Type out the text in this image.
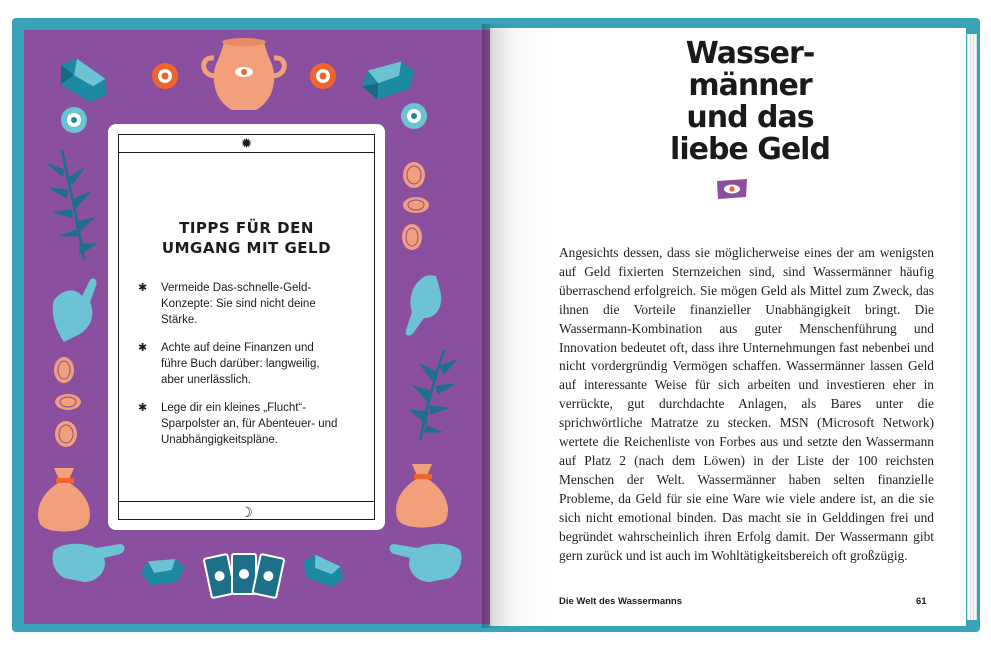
✹
TIPPS FÜR DEN
UMGANG MIT GELD
✱ Vermeide Das-schnelle-Geld-Konzepte: Sie sind nicht deine Stärke.
✱ Achte auf deine Finanzen und führe Buch darüber: langweilig, aber unerlässlich.
✱ Lege dir ein kleines „Flucht“-Sparpolster an, für Abenteuer- und Unabhängigkeitspläne.
☽
Wasser-
männer
und das
liebe Geld

Angesichts dessen, dass sie möglicherweise eines der am wenigsten auf Geld fixierten Sternzeichen sind, sind Wassermänner häufig überraschend erfolgreich. Sie mögen Geld als Mittel zum Zweck, das ihnen die Vorteile finanzieller Unabhängigkeit bringt. Die Wassermann-Kombination aus guter Menschenführung und Innovation bedeutet oft, dass ihre Unternehmungen fast nebenbei und nicht vordergründig Vermögen schaffen. Wassermänner lassen Geld auf interessante Weise für sich arbeiten und investieren eher in verrückte, gut durchdachte Anlagen, als Bares unter die sprichwörtliche Matratze zu stecken. MSN (Microsoft Network) wertete die Reichenliste von Forbes aus und setzte den Wassermann auf Platz 2 (nach dem Löwen) in der Liste der 100 reichsten Menschen der Welt. Wassermänner haben selten finanzielle Probleme, da Geld für sie eine Ware wie viele andere ist, an die sie sich nicht emotional binden. Das macht sie in Gelddingen frei und begründet wahrscheinlich ihren Erfolg damit. Der Wassermann gibt gern zurück und ist auch im Wohltätigkeitsbereich oft großzügig.

Die Welt des Wassermanns	61
